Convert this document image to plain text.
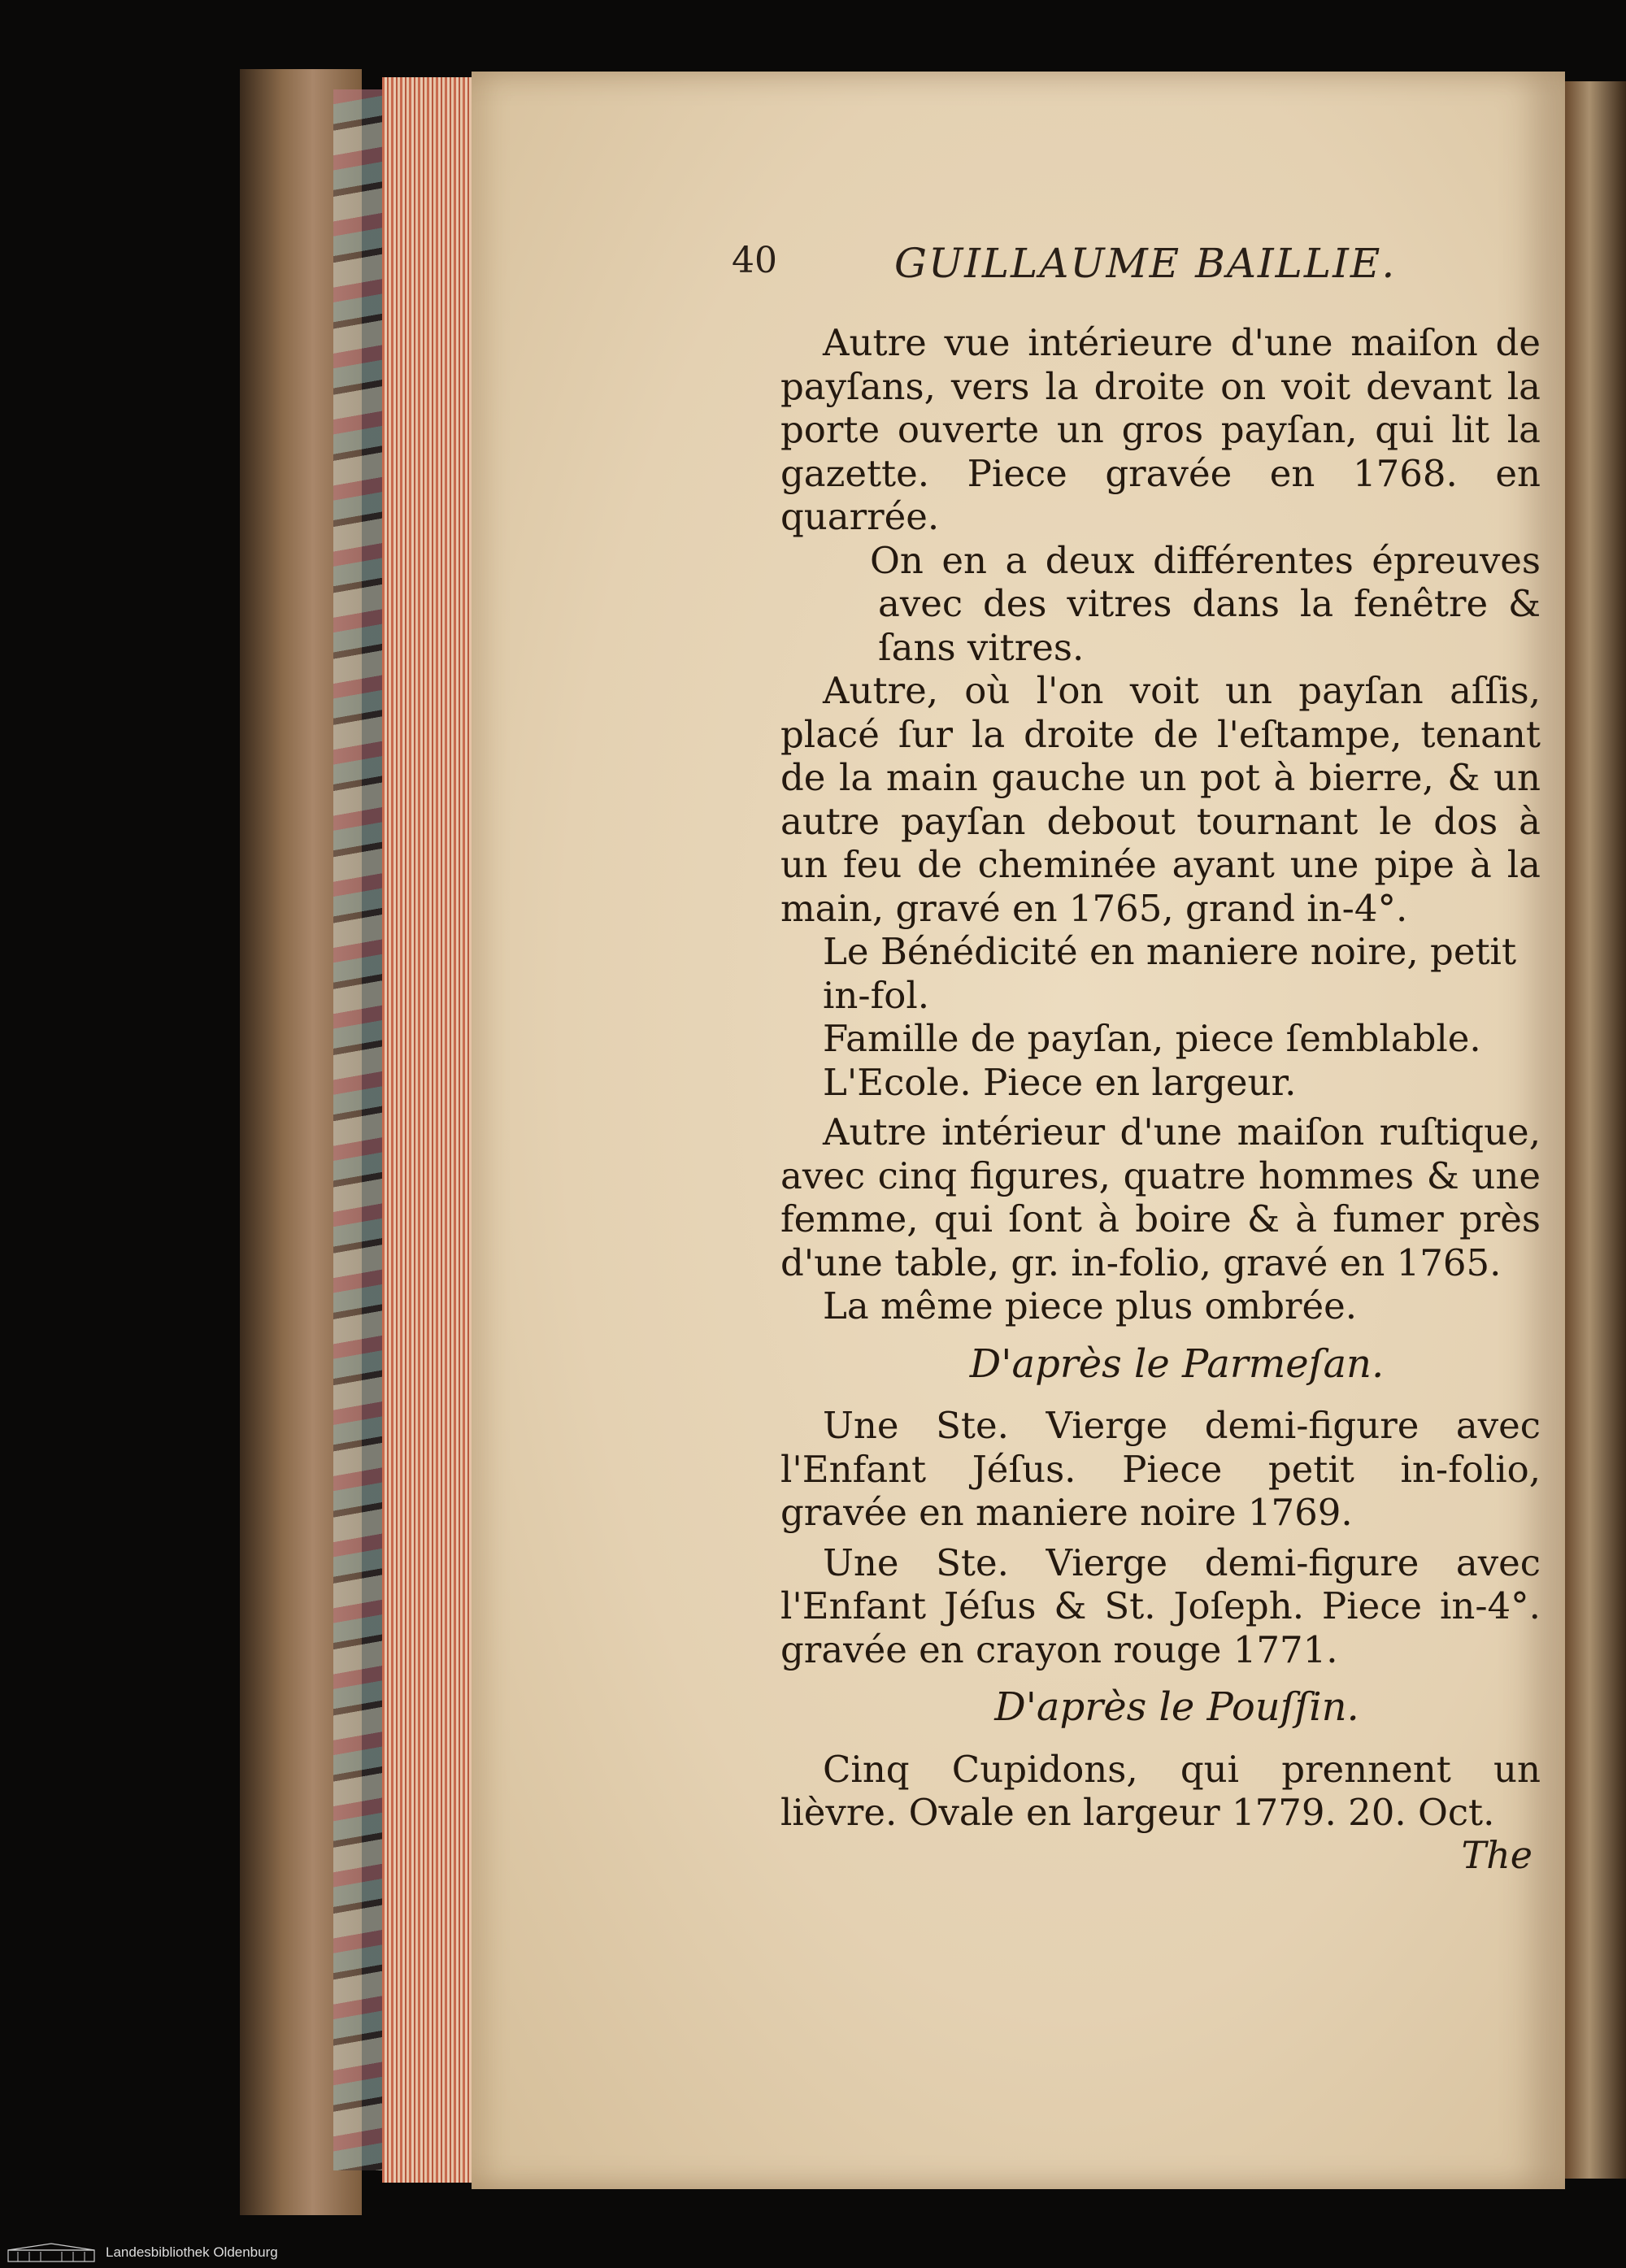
40	GUILLAUME BAILLIE.

Autre vue intérieure d'une maiſon de payſans, vers la droite on voit devant la porte ouverte un gros payſan, qui lit la gazette. Piece gravée en 1768. en quarrée.

On en a deux différentes épreuves avec des vitres dans la fenêtre & ſans vitres.

Autre, où l'on voit un payſan aſſis, placé ſur la droite de l'eſtampe, tenant de la main gauche un pot à bierre, & un autre payſan debout tournant le dos à un feu de cheminée ayant une pipe à la main, gravé en 1765, grand in-4°.

Le Bénédicité en maniere noire, petit in-fol.
Famille de payſan, piece ſemblable.
L'Ecole. Piece en largeur.

Autre intérieur d'une maiſon ruſtique, avec cinq figures, quatre hommes & une femme, qui ſont à boire & à fumer près d'une table, gr. in-folio, gravé en 1765.

La même piece plus ombrée.

D'après le Parmeſan.

Une Ste. Vierge demi-figure avec l'Enfant Jéſus. Piece petit in-folio, gravée en maniere noire 1769.

Une Ste. Vierge demi-figure avec l'Enfant Jéſus & St. Joſeph. Piece in-4°. gravée en crayon rouge 1771.

D'après le Pouſſin.

Cinq Cupidons, qui prennent un lièvre. Ovale en largeur 1779. 20. Oct.

The
Landesbibliothek Oldenburg
